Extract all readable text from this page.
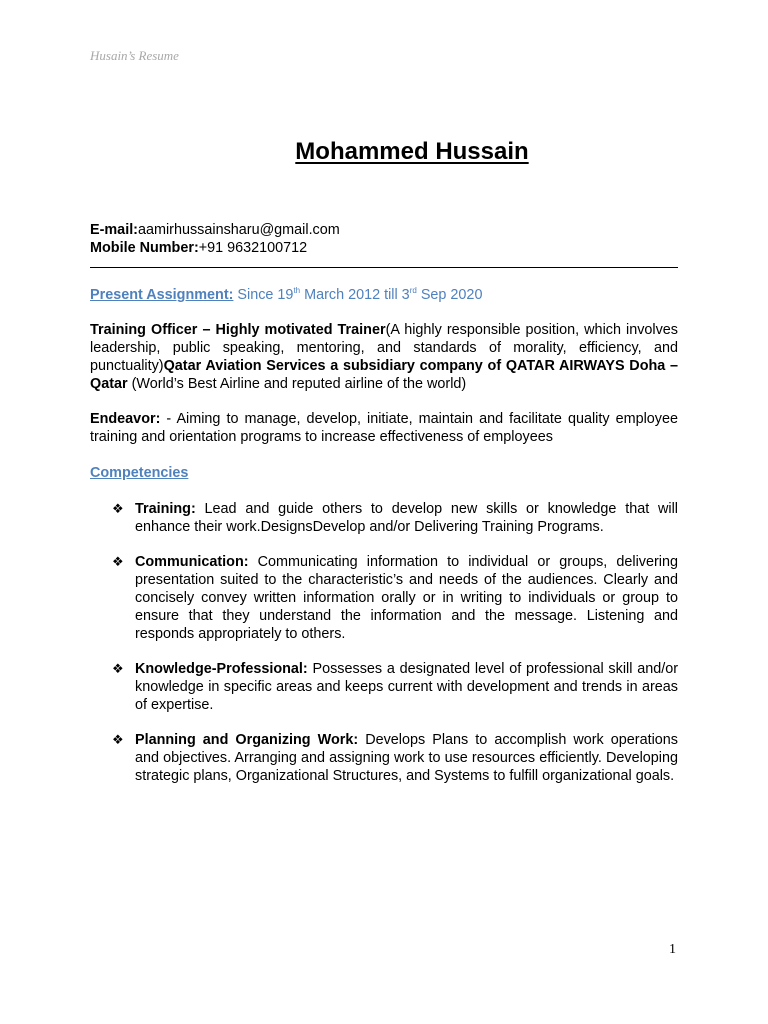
Husain’s Resume
Mohammed Hussain
E-mail:aamirhussainsharu@gmail.com
Mobile Number:+91 9632100712
Present Assignment: Since 19th March 2012 till 3rd Sep 2020
Training Officer – Highly motivated Trainer(A highly responsible position, which involves leadership, public speaking, mentoring, and standards of morality, efficiency, and punctuality)Qatar Aviation Services a subsidiary company of QATAR AIRWAYS Doha – Qatar (World’s Best Airline and reputed airline of the world)
Endeavor: - Aiming to manage, develop, initiate, maintain and facilitate quality employee training and orientation programs to increase effectiveness of employees
Competencies
❖ Training: Lead and guide others to develop new skills or knowledge that will enhance their work.DesignsDevelop and/or Delivering Training Programs.
❖ Communication: Communicating information to individual or groups, delivering presentation suited to the characteristic’s and needs of the audiences. Clearly and concisely convey written information orally or in writing to individuals or group to ensure that they understand the information and the message. Listening and responds appropriately to others.
❖ Knowledge-Professional: Possesses a designated level of professional skill and/or knowledge in specific areas and keeps current with development and trends in areas of expertise.
❖ Planning and Organizing Work: Develops Plans to accomplish work operations and objectives. Arranging and assigning work to use resources efficiently. Developing strategic plans, Organizational Structures, and Systems to fulfill organizational goals.
1
